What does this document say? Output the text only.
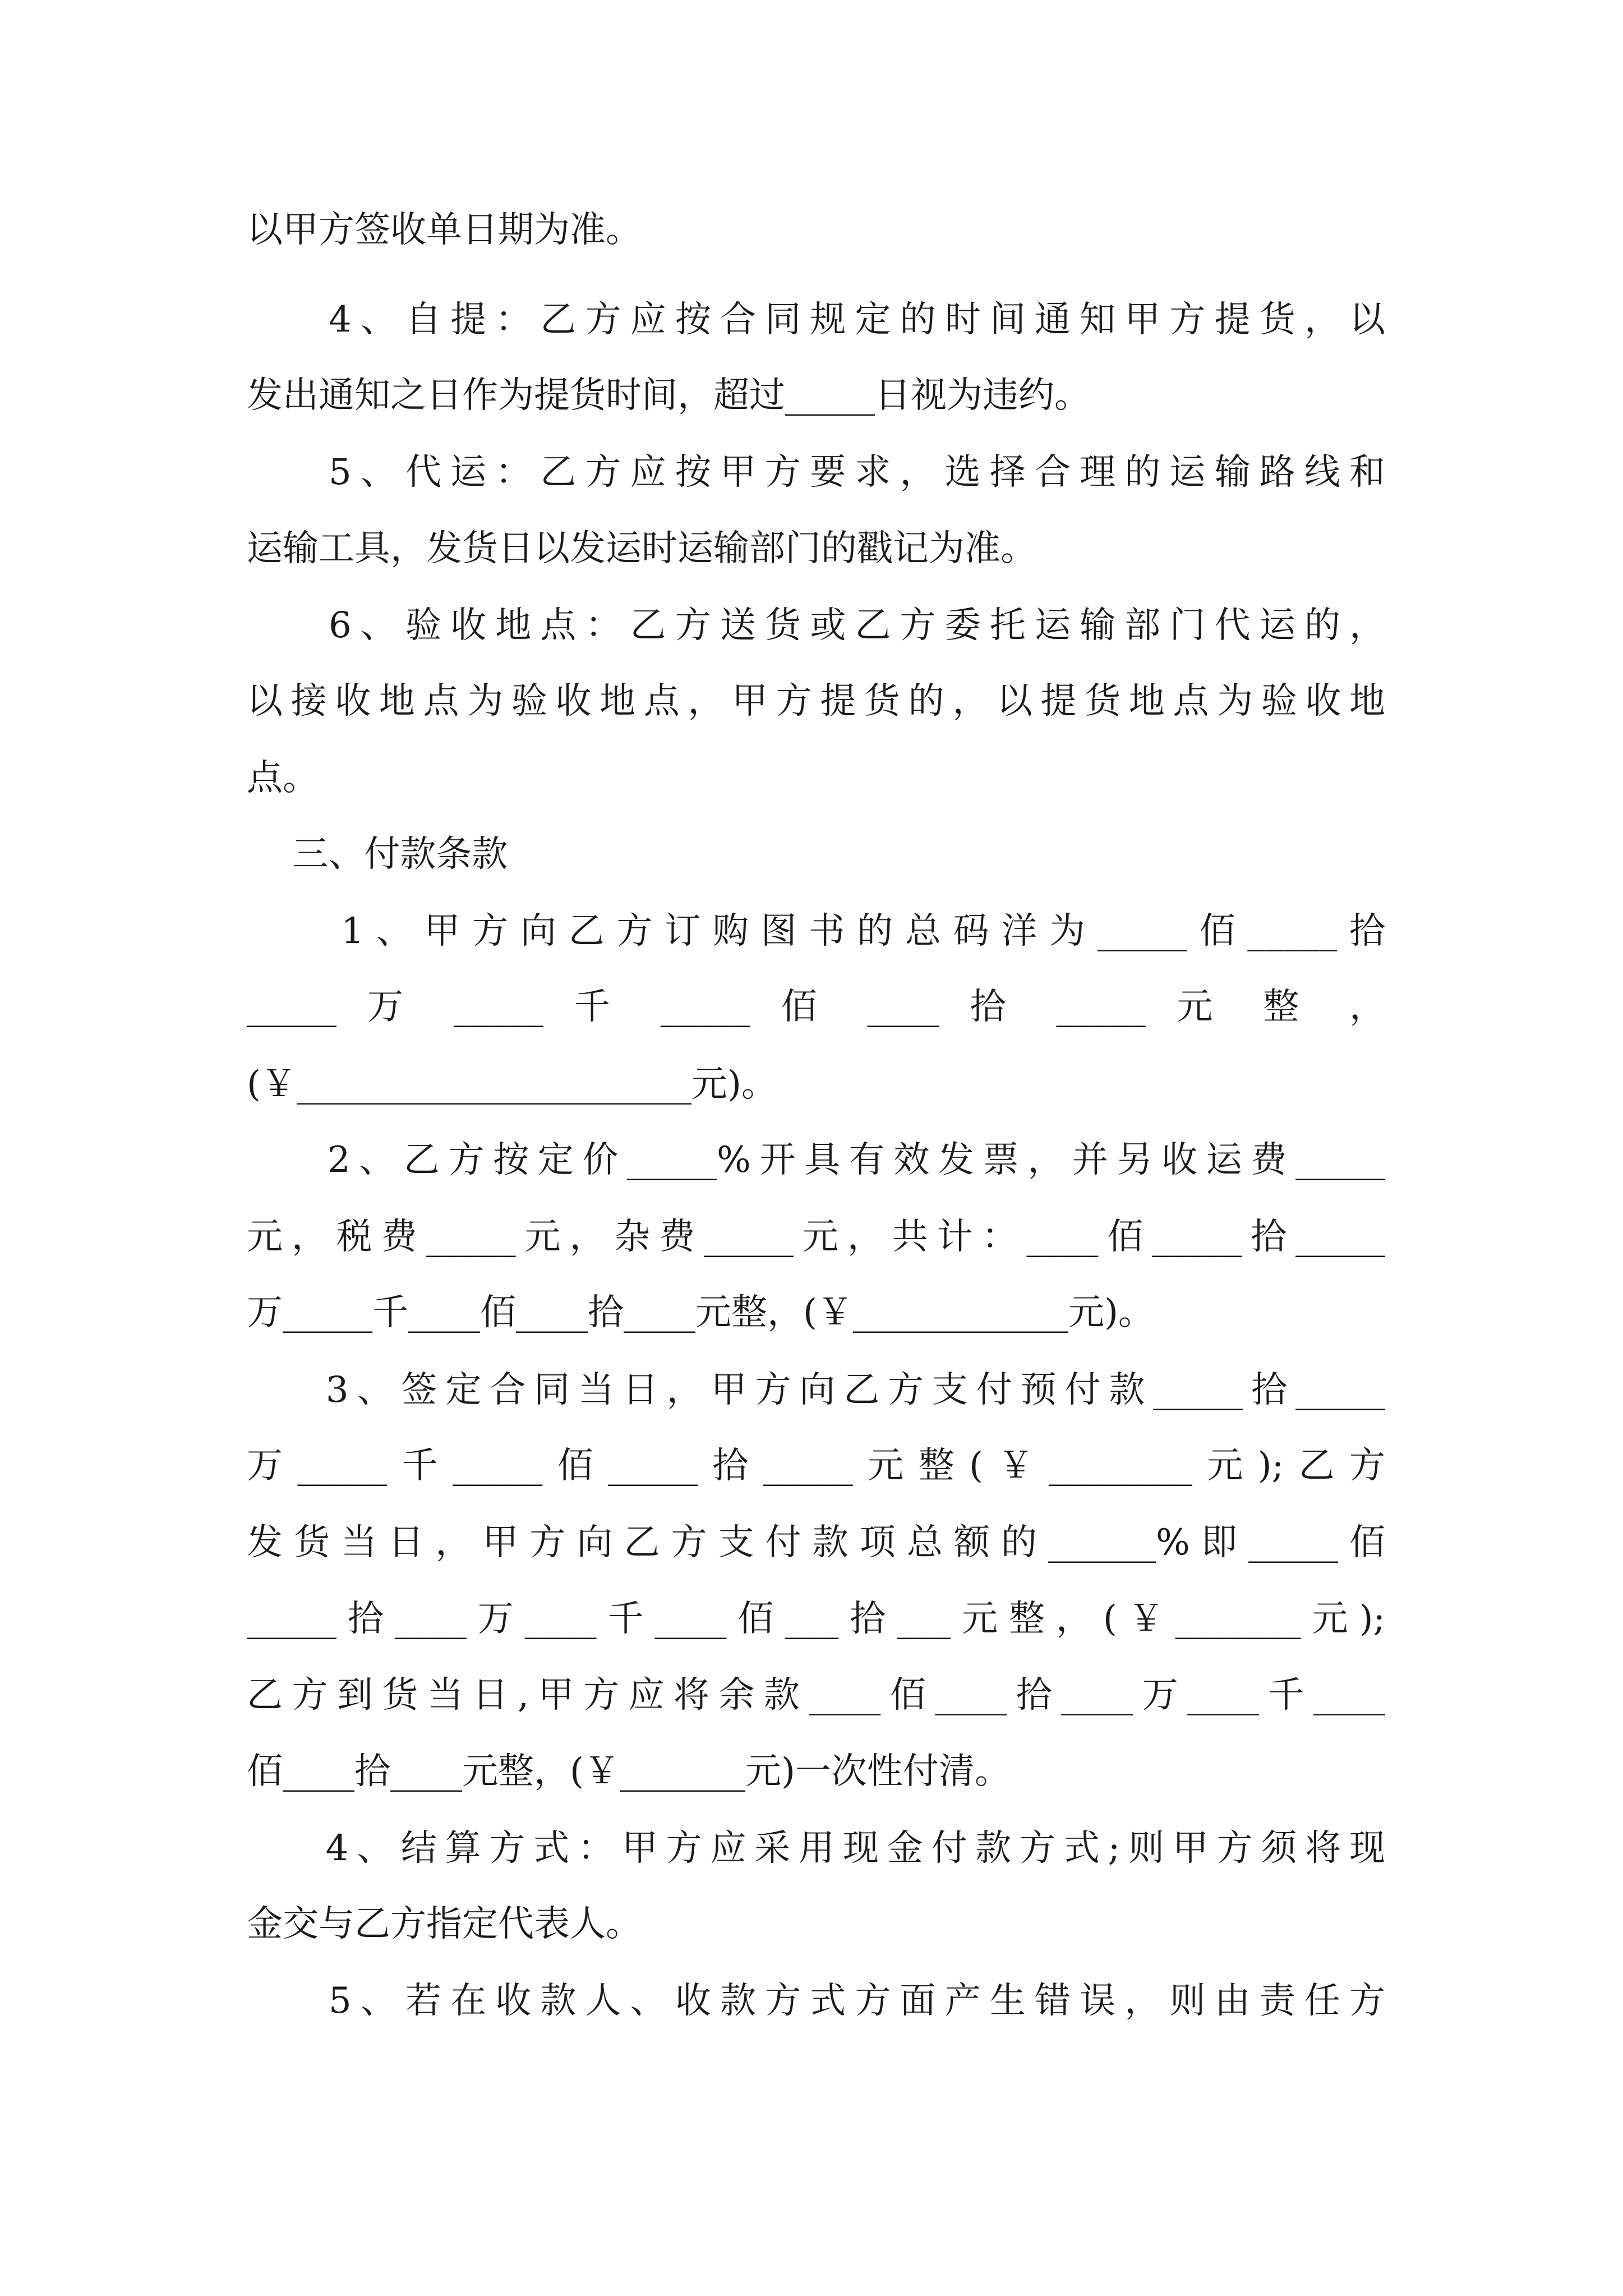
以甲方签收单日期为准。
4、自提：乙方应按合同规定的时间通知甲方提货，以
发出通知之日作为提货时间，超过_____日视为违约。
5、代运：乙方应按甲方要求，选择合理的运输路线和
运输工具，发货日以发运时运输部门的戳记为准。
6、验收地点：乙方送货或乙方委托运输部门代运的，
以接收地点为验收地点，甲方提货的，以提货地点为验收地
点。
三、付款条款
1、甲方向乙方订购图书的总码洋为_____佰_____拾
_____ 万 _____ 千 _____ 佰 ____ 拾 _____ 元 整 ，
(￥______________________元)。
2、乙方按定价_____%开具有效发票，并另收运费_____
元，税费_____元，杂费_____元，共计：____佰_____拾_____
万_____千____佰____拾____元整，(￥____________元)。
3、签定合同当日，甲方向乙方支付预付款_____拾_____
万_____千_____佰_____拾_____元整(￥________元);乙方
发货当日，甲方向乙方支付款项总额的______%即_____佰
_____拾____万____千____佰___拾___元整，(￥_______元);
乙方到货当日,甲方应将余款____佰____拾____万____千____
佰____拾____元整，(￥_______元)一次性付清。
4、结算方式：甲方应采用现金付款方式;则甲方须将现
金交与乙方指定代表人。
5、若在收款人、收款方式方面产生错误，则由责任方
